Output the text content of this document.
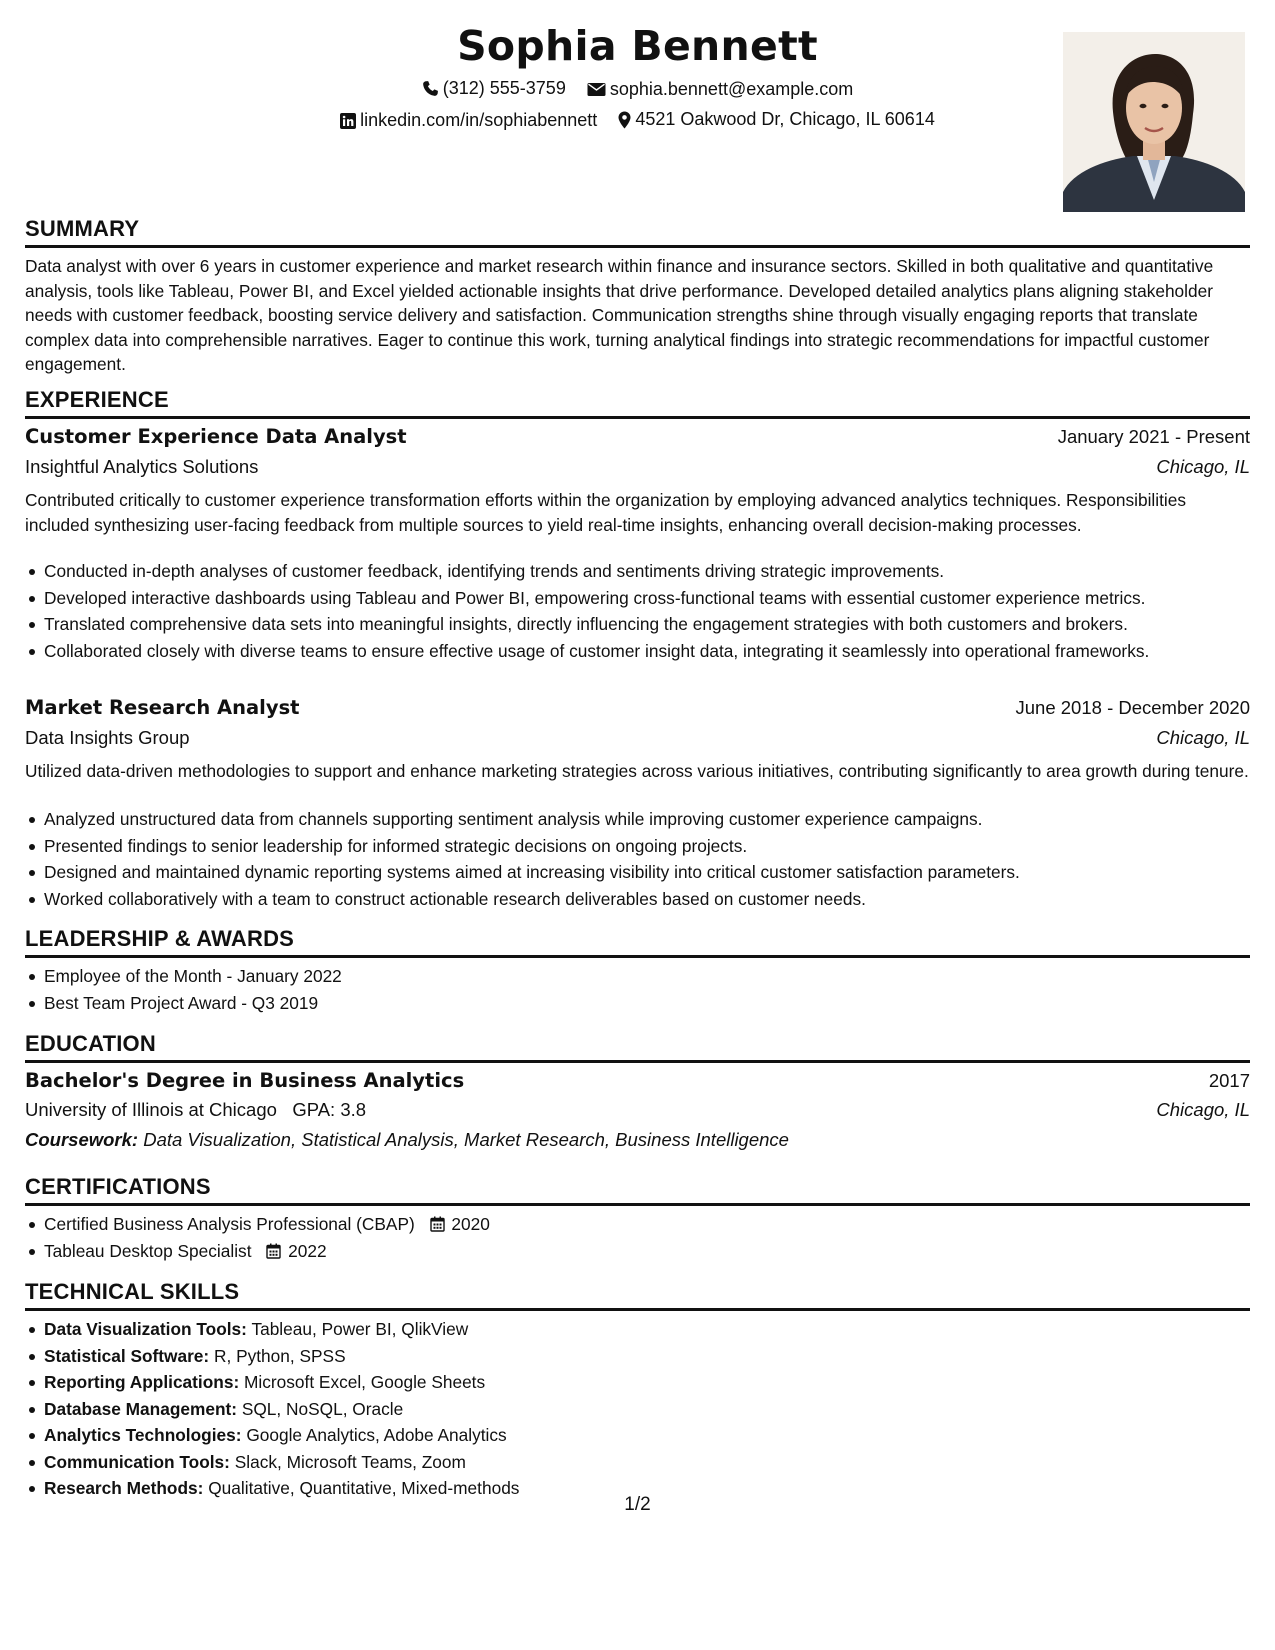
Sophia Bennett
(312) 555-3759
sophia.bennett@example.com
linkedin.com/in/sophiabennett
4521 Oakwood Dr, Chicago, IL 60614
SUMMARY
Data analyst with over 6 years in customer experience and market research within finance and insurance sectors. Skilled in both qualitative and quantitative analysis, tools like Tableau, Power BI, and Excel yielded actionable insights that drive performance. Developed detailed analytics plans aligning stakeholder needs with customer feedback, boosting service delivery and satisfaction. Communication strengths shine through visually engaging reports that translate complex data into comprehensible narratives. Eager to continue this work, turning analytical findings into strategic recommendations for impactful customer engagement.
EXPERIENCE
Customer Experience Data Analyst	January 2021 - Present
Insightful Analytics Solutions	Chicago, IL
Contributed critically to customer experience transformation efforts within the organization by employing advanced analytics techniques. Responsibilities included synthesizing user-facing feedback from multiple sources to yield real-time insights, enhancing overall decision-making processes.
Conducted in-depth analyses of customer feedback, identifying trends and sentiments driving strategic improvements.
Developed interactive dashboards using Tableau and Power BI, empowering cross-functional teams with essential customer experience metrics.
Translated comprehensive data sets into meaningful insights, directly influencing the engagement strategies with both customers and brokers.
Collaborated closely with diverse teams to ensure effective usage of customer insight data, integrating it seamlessly into operational frameworks.
Market Research Analyst	June 2018 - December 2020
Data Insights Group	Chicago, IL
Utilized data-driven methodologies to support and enhance marketing strategies across various initiatives, contributing significantly to area growth during tenure.
Analyzed unstructured data from channels supporting sentiment analysis while improving customer experience campaigns.
Presented findings to senior leadership for informed strategic decisions on ongoing projects.
Designed and maintained dynamic reporting systems aimed at increasing visibility into critical customer satisfaction parameters.
Worked collaboratively with a team to construct actionable research deliverables based on customer needs.
LEADERSHIP & AWARDS
Employee of the Month - January 2022
Best Team Project Award - Q3 2019
EDUCATION
Bachelor's Degree in Business Analytics	2017
University of Illinois at Chicago GPA: 3.8	Chicago, IL
Coursework: Data Visualization, Statistical Analysis, Market Research, Business Intelligence
CERTIFICATIONS
Certified Business Analysis Professional (CBAP) 2020
Tableau Desktop Specialist 2022
TECHNICAL SKILLS
Data Visualization Tools: Tableau, Power BI, QlikView
Statistical Software: R, Python, SPSS
Reporting Applications: Microsoft Excel, Google Sheets
Database Management: SQL, NoSQL, Oracle
Analytics Technologies: Google Analytics, Adobe Analytics
Communication Tools: Slack, Microsoft Teams, Zoom
Research Methods: Qualitative, Quantitative, Mixed-methods
1/2
